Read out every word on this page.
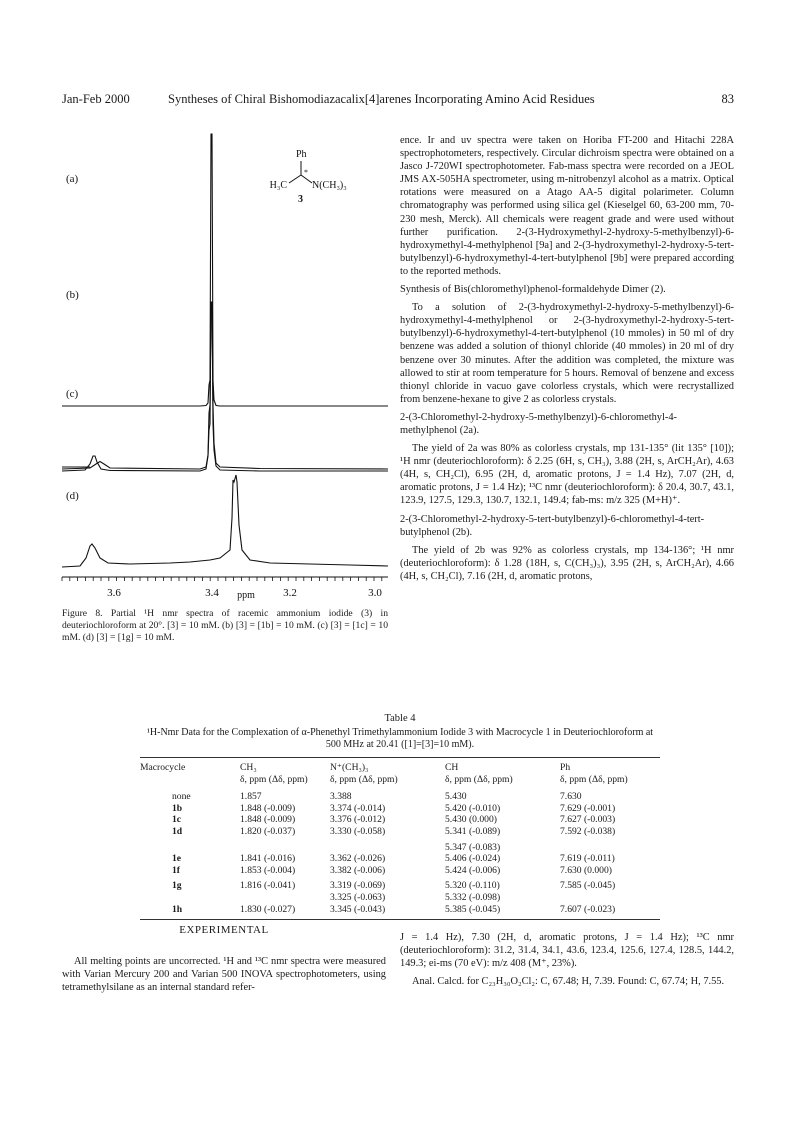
Jan-Feb 2000	Syntheses of Chiral Bishomodiazacalix[4]arenes Incorporating Amino Acid Residues	83
(a)
(b)
(c)
(d)
3.6	3.4	3.2	3.0
ppm
Ph
H₃C	N(CH₃)₃
*
3
Figure 8. Partial ¹H nmr spectra of racemic ammonium iodide (3) in deuteriochloroform at 20°. [3] = 10 mM. (b) [3] = [1b] = 10 mM. (c) [3] = [1c] = 10 mM. (d) [3] = [1g] = 10 mM.

ence. Ir and uv spectra were taken on Horiba FT-200 and Hitachi 228A spectrophotometers, respectively. Circular dichroism spectra were obtained on a Jasco J-720WI spectrophotometer. Fab-mass spectra were recorded on a JEOL JMS AX-505HA spectrometer, using m-nitrobenzyl alcohol as a matrix. Optical rotations were measured on a Atago AA-5 digital polarimeter. Column chromatography was performed using silica gel (Kieselgel 60, 63-200 mm, 70-230 mesh, Merck). All chemicals were reagent grade and were used without further purification. 2-(3-Hydroxymethyl-2-hydroxy-5-methylbenzyl)-6-hydroxymethyl-4-methylphenol [9a] and 2-(3-hydroxymethyl-2-hydroxy-5-tert-butylbenzyl)-6-hydroxymethyl-4-tert-butylphenol [9b] were prepared according to the reported methods.

Synthesis of Bis(chloromethyl)phenol-formaldehyde Dimer (2).

To a solution of 2-(3-hydroxymethyl-2-hydroxy-5-methylbenzyl)-6-hydroxymethyl-4-methylphenol or 2-(3-hydroxymethyl-2-hydroxy-5-tert-butylbenzyl)-6-hydroxymethyl-4-tert-butylphenol (10 mmoles) in 50 ml of dry benzene was added a solution of thionyl chloride (40 mmoles) in 20 ml of dry benzene over 30 minutes. After the addition was completed, the mixture was allowed to stir at room temperature for 5 hours. Removal of benzene and excess thionyl chloride in vacuo gave colorless crystals, which were recrystallized from benzene-hexane to give 2 as colorless crystals.

2-(3-Chloromethyl-2-hydroxy-5-methylbenzyl)-6-chloromethyl-4-methylphenol (2a).

The yield of 2a was 80% as colorless crystals, mp 131-135° (lit 135° [10]); ¹H nmr (deuteriochloroform): δ 2.25 (6H, s, CH₃), 3.88 (2H, s, ArCH₂Ar), 4.63 (4H, s, CH₂Cl), 6.95 (2H, d, aromatic protons, J = 1.4 Hz), 7.07 (2H, d, aromatic protons, J = 1.4 Hz); ¹³C nmr (deuteriochloroform): δ 20.4, 30.7, 43.1, 123.9, 127.5, 129.3, 130.7, 132.1, 149.4; fab-ms: m/z 325 (M+H)⁺.

2-(3-Chloromethyl-2-hydroxy-5-tert-butylbenzyl)-6-chloromethyl-4-tert-butylphenol (2b).

The yield of 2b was 92% as colorless crystals, mp 134-136°; ¹H nmr (deuteriochloroform): δ 1.28 (18H, s, C(CH₃)₃), 3.95 (2H, s, ArCH₂Ar), 4.66 (4H, s, CH₂Cl), 7.16 (2H, d, aromatic protons,

Table 4
¹H-Nmr Data for the Complexation of α-Phenethyl Trimethylammonium Iodide 3 with Macrocycle 1 in Deuteriochloroform at 500 MHz at 20.41 ([1]=[3]=10 mM).
Macrocycle	CH₃	N⁺(CH₃)₃	CH	Ph
	δ, ppm (Δδ, ppm)	δ, ppm (Δδ, ppm)	δ, ppm (Δδ, ppm)	δ, ppm (Δδ, ppm)
none	1.857	3.388	5.430	7.630
1b	1.848 (-0.009)	3.374 (-0.014)	5.420 (-0.010)	7.629 (-0.001)
1c	1.848 (-0.009)	3.376 (-0.012)	5.430 (0.000)	7.627 (-0.003)
1d	1.820 (-0.037)	3.330 (-0.058)	5.341 (-0.089)	7.592 (-0.038)
			5.347 (-0.083)	
1e	1.841 (-0.016)	3.362 (-0.026)	5.406 (-0.024)	7.619 (-0.011)
1f	1.853 (-0.004)	3.382 (-0.006)	5.424 (-0.006)	7.630 (0.000)
1g	1.816 (-0.041)	3.319 (-0.069)	5.320 (-0.110)	7.585 (-0.045)
		3.325 (-0.063)	5.332 (-0.098)	
1h	1.830 (-0.027)	3.345 (-0.043)	5.385 (-0.045)	7.607 (-0.023)

EXPERIMENTAL

All melting points are uncorrected. ¹H and ¹³C nmr spectra were measured with Varian Mercury 200 and Varian 500 INOVA spectrophotometers, using tetramethylsilane as an internal standard refer-

J = 1.4 Hz), 7.30 (2H, d, aromatic protons, J = 1.4 Hz); ¹³C nmr (deuteriochloroform): 31.2, 31.4, 34.1, 43.6, 123.4, 125.6, 127.4, 128.5, 144.2, 149.3; ei-ms (70 eV): m/z 408 (M⁺, 23%).

Anal. Calcd. for C₂₃H₃₀O₂Cl₂: C, 67.48; H, 7.39. Found: C, 67.74; H, 7.55.
